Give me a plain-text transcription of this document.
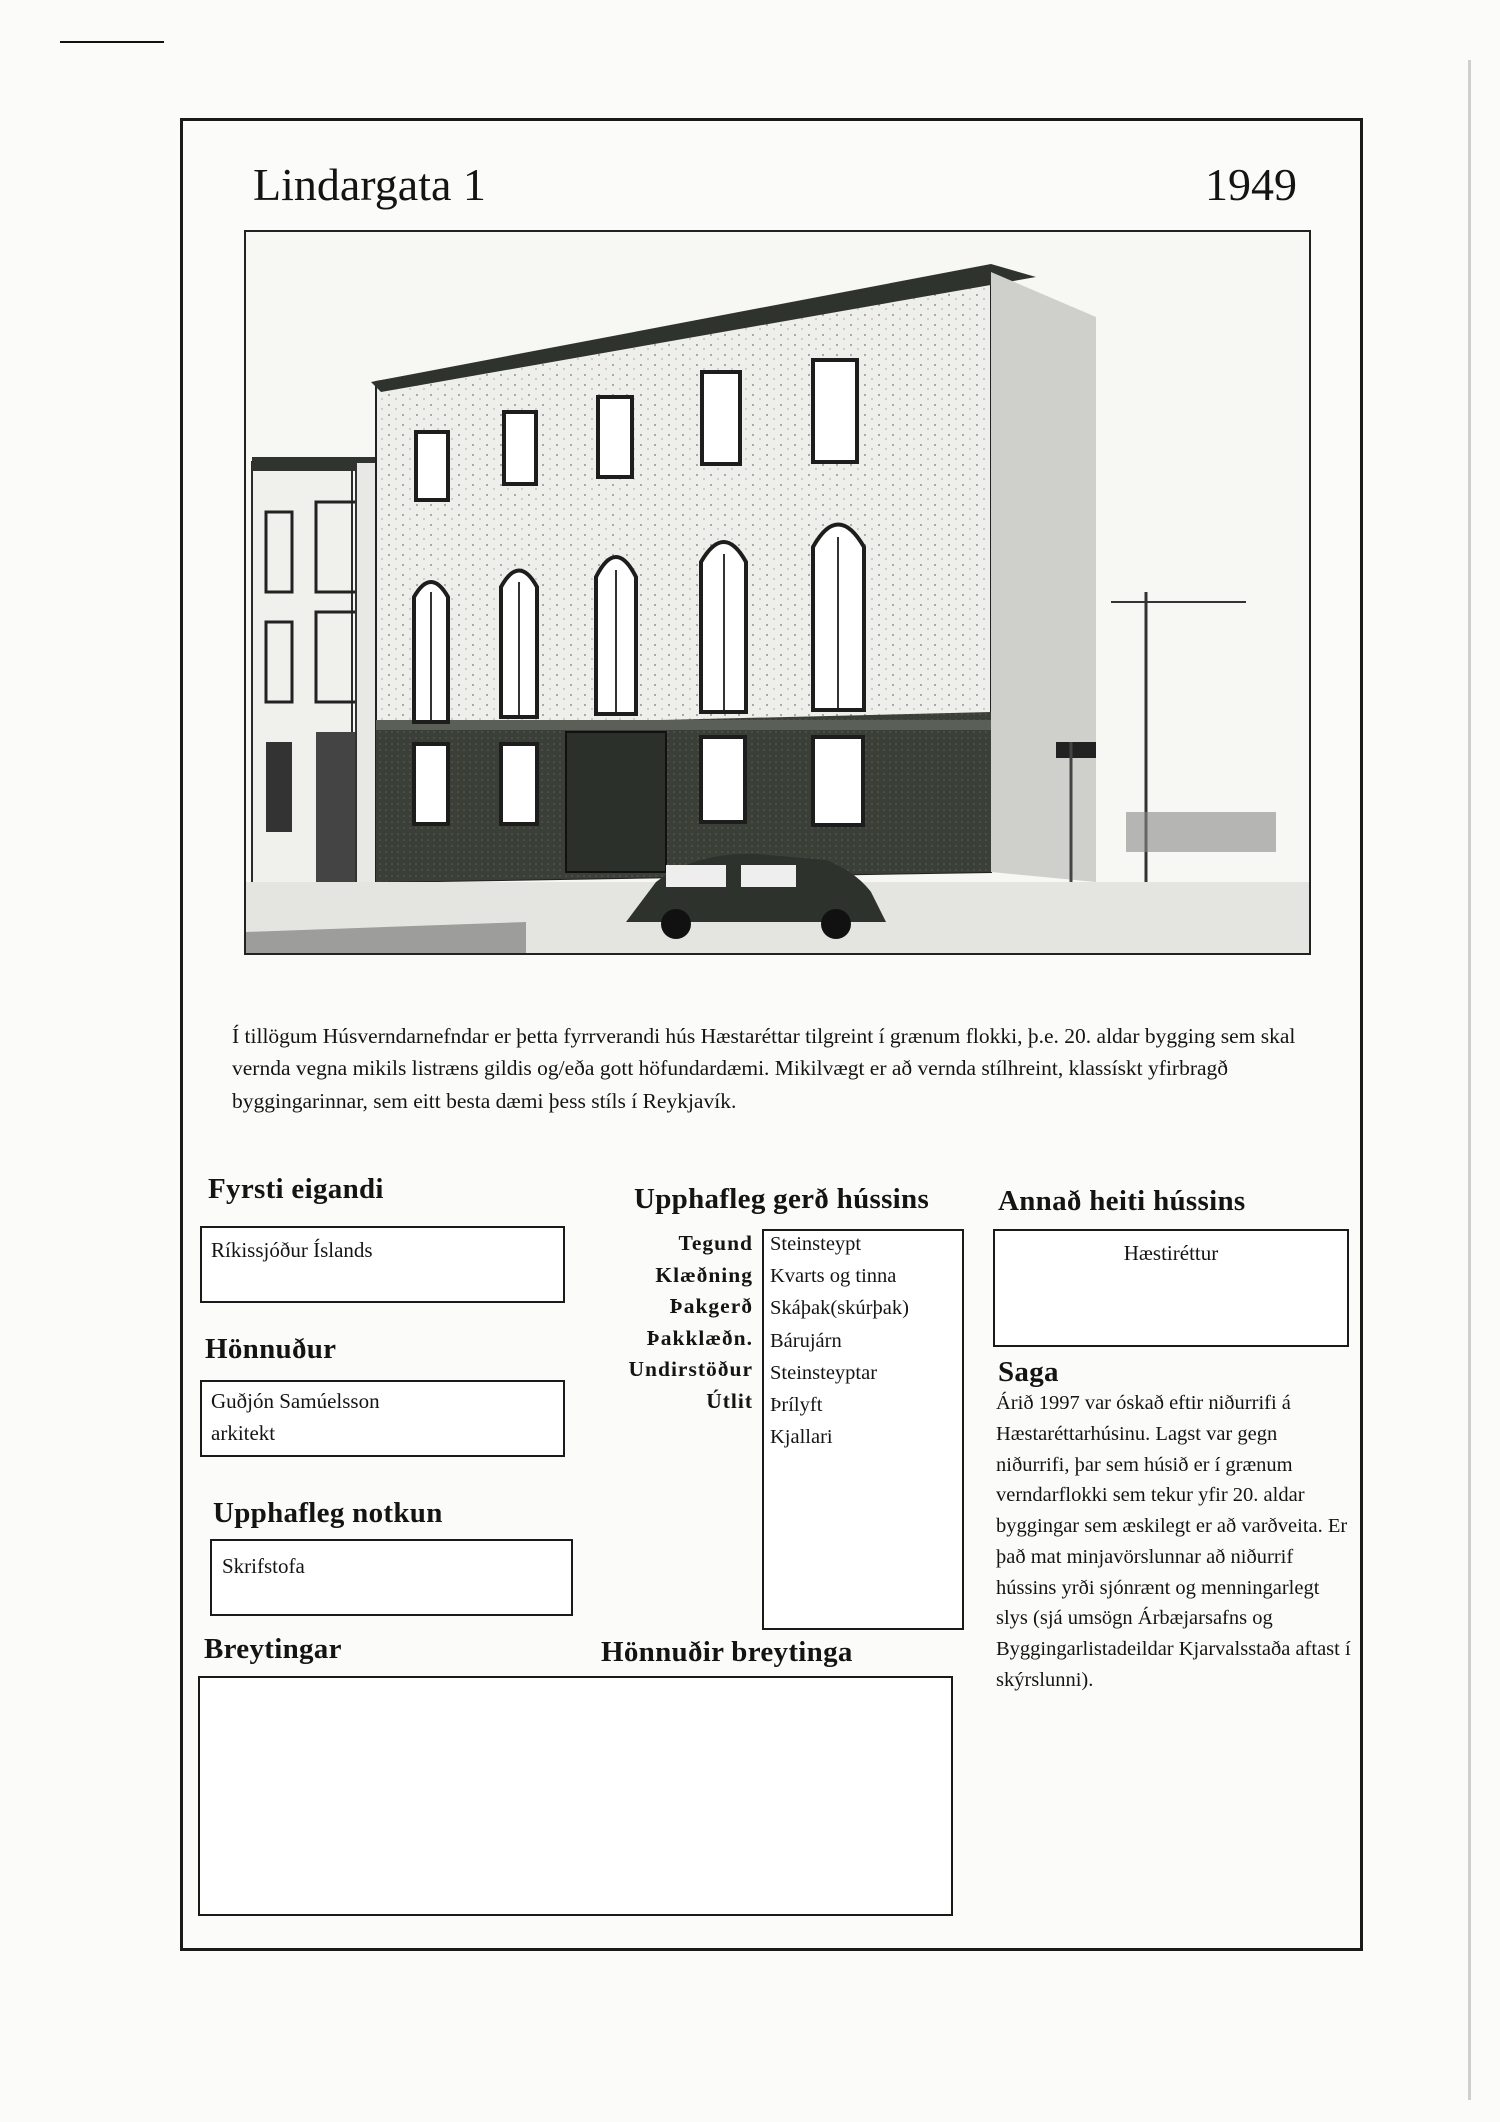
Lindargata 1	1949
Í tillögum Húsverndarnefndar er þetta fyrrverandi hús Hæstaréttar tilgreint í grænum flokki, þ.e. 20. aldar bygging sem skal vernda vegna mikils listræns gildis og/eða gott höfundardæmi. Mikilvægt er að vernda stílhreint, klassískt yfirbragð byggingarinnar, sem eitt besta dæmi þess stíls í Reykjavík.
Fyrsti eigandi
Ríkissjóður Íslands
Hönnuður
Guðjón Samúelsson arkitekt
Upphafleg notkun
Skrifstofa
Breytingar	Hönnuðir breytinga
Upphafleg gerð hússins
Tegund
Klæðning
Þakgerð
Þakklæðn.
Undirstöður
Útlit
Steinsteypt
Kvarts og tinna
Skáþak(skúrþak)
Bárujárn
Steinsteyptar
Þrílyft
Kjallari
Annað heiti hússins
Hæstiréttur
Saga
Árið 1997 var óskað eftir niðurrifi á Hæstaréttarhúsinu. Lagst var gegn niðurrifi, þar sem húsið er í grænum verndarflokki sem tekur yfir 20. aldar byggingar sem æskilegt er að varðveita. Er það mat minjavörslunnar að niðurrif hússins yrði sjónrænt og menningarlegt slys (sjá umsögn Árbæjarsafns og Byggingarlistadeildar Kjarvalsstaða aftast í skýrslunni).
